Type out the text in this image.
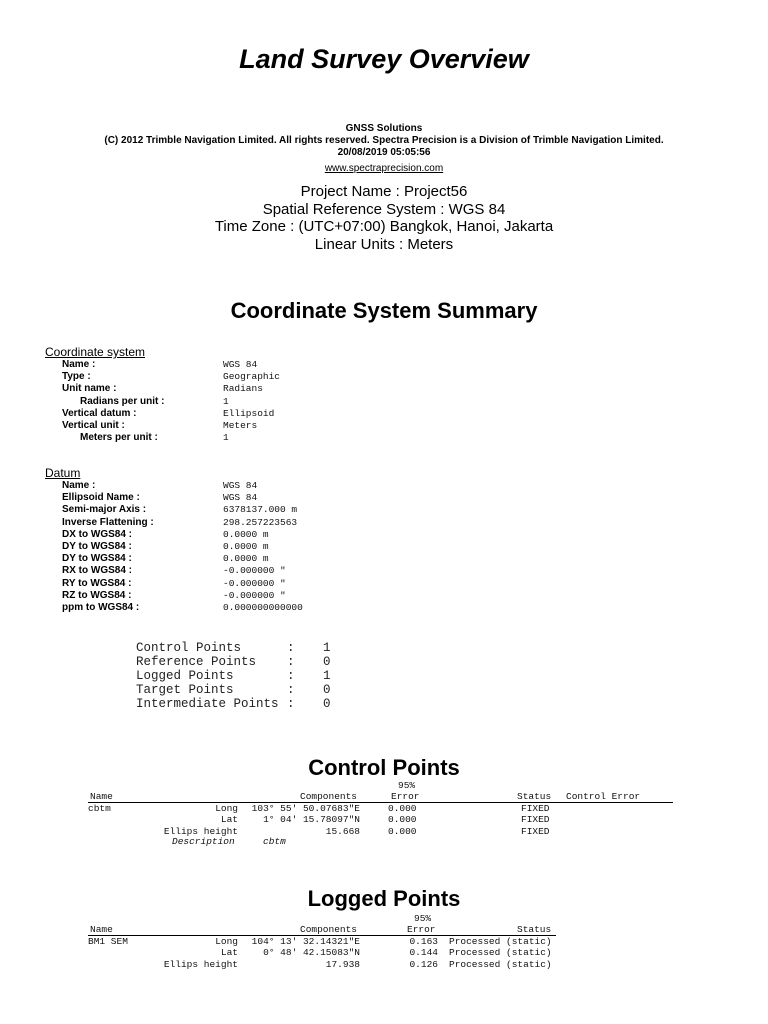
Land Survey Overview
GNSS Solutions
(C) 2012 Trimble Navigation Limited. All rights reserved. Spectra Precision is a Division of Trimble Navigation Limited.
20/08/2019 05:05:56
www.spectraprecision.com
Project Name : Project56
Spatial Reference System : WGS 84
Time Zone : (UTC+07:00) Bangkok, Hanoi, Jakarta
Linear Units : Meters
Coordinate System Summary
Coordinate system
Name :	WGS 84
Type :	Geographic
Unit name :	Radians
Radians per unit :	1
Vertical datum :	Ellipsoid
Vertical unit :	Meters
Meters per unit :	1
Datum
Name :	WGS 84
Ellipsoid Name :	WGS 84
Semi-major Axis :	6378137.000 m
Inverse Flattening :	298.257223563
DX to WGS84 :	0.0000 m
DY to WGS84 :	0.0000 m
DY to WGS84 :	0.0000 m
RX to WGS84 :	-0.000000 "
RY to WGS84 :	-0.000000 "
RZ to WGS84 :	-0.000000 "
ppm to WGS84 :	0.000000000000
Control Points	: 1
Reference Points : 0
Logged Points	: 1
Target Points	: 0
Intermediate Points : 0
Control Points
95%
Name	Components	Error	Status Control Error
cbtm	Long 103° 55' 50.07683"E	0.000	FIXED
Lat	1° 04' 15.78097"N	0.000	FIXED
Ellips height	15.668	0.000	FIXED
Description	cbtm
Logged Points
95%
Name	Components	Error	Status
BM1 SEM	Long 104° 13' 32.14321"E	0.163 Processed (static)
Lat	0° 48' 42.15083"N	0.144 Processed (static)
Ellips height	17.938	0.126 Processed (static)
